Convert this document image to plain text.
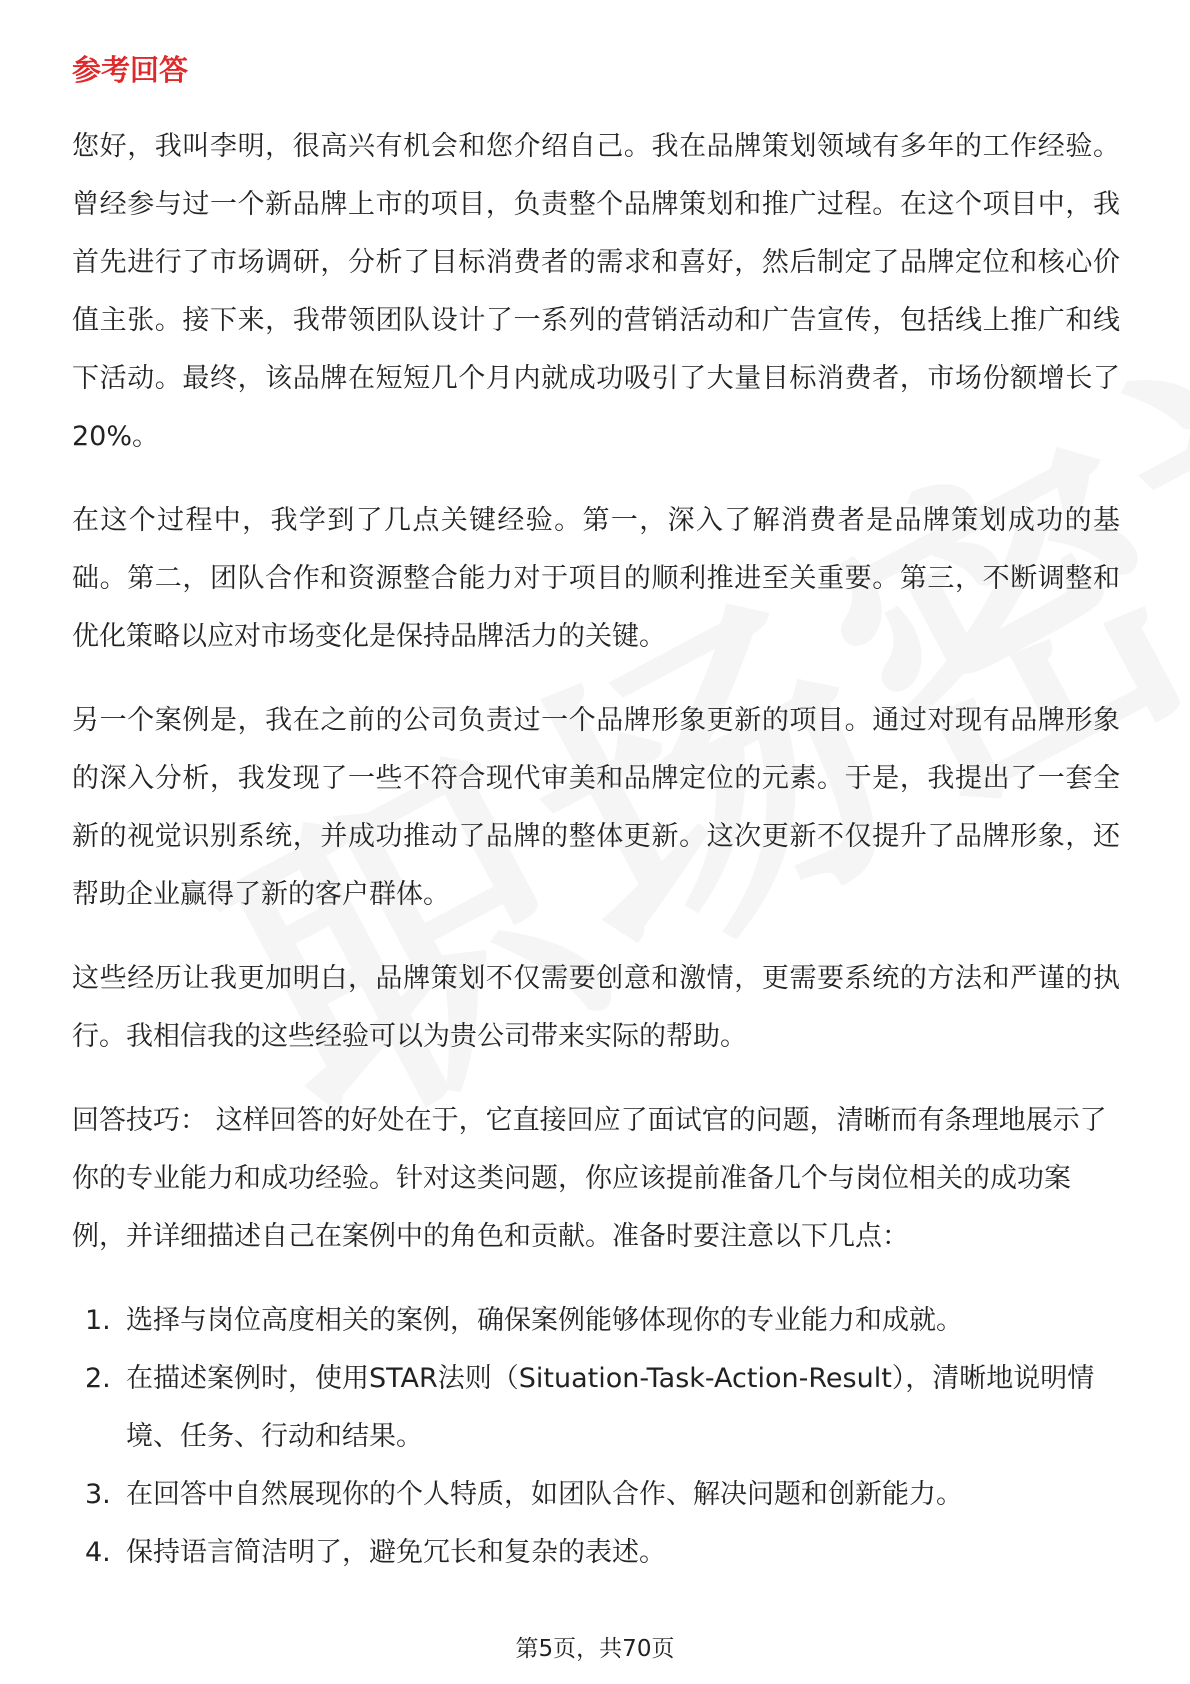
参考回答

您好，我叫李明，很高兴有机会和您介绍自己。我在品牌策划领域有多年的工作经验。曾经参与过一个新品牌上市的项目，负责整个品牌策划和推广过程。在这个项目中，我首先进行了市场调研，分析了目标消费者的需求和喜好，然后制定了品牌定位和核心价值主张。接下来，我带领团队设计了一系列的营销活动和广告宣传，包括线上推广和线下活动。最终，该品牌在短短几个月内就成功吸引了大量目标消费者，市场份额增长了20%。

在这个过程中，我学到了几点关键经验。第一，深入了解消费者是品牌策划成功的基础。第二，团队合作和资源整合能力对于项目的顺利推进至关重要。第三，不断调整和优化策略以应对市场变化是保持品牌活力的关键。

另一个案例是，我在之前的公司负责过一个品牌形象更新的项目。通过对现有品牌形象的深入分析，我发现了一些不符合现代审美和品牌定位的元素。于是，我提出了一套全新的视觉识别系统，并成功推动了品牌的整体更新。这次更新不仅提升了品牌形象，还帮助企业赢得了新的客户群体。

这些经历让我更加明白，品牌策划不仅需要创意和激情，更需要系统的方法和严谨的执行。我相信我的这些经验可以为贵公司带来实际的帮助。

回答技巧： 这样回答的好处在于，它直接回应了面试官的问题，清晰而有条理地展示了你的专业能力和成功经验。针对这类问题，你应该提前准备几个与岗位相关的成功案例，并详细描述自己在案例中的角色和贡献。准备时要注意以下几点：

1. 选择与岗位高度相关的案例，确保案例能够体现你的专业能力和成就。
2. 在描述案例时，使用STAR法则（Situation-Task-Action-Result），清晰地说明情境、任务、行动和结果。
3. 在回答中自然展现你的个人特质，如团队合作、解决问题和创新能力。
4. 保持语言简洁明了，避免冗长和复杂的表述。
第5页，共70页
